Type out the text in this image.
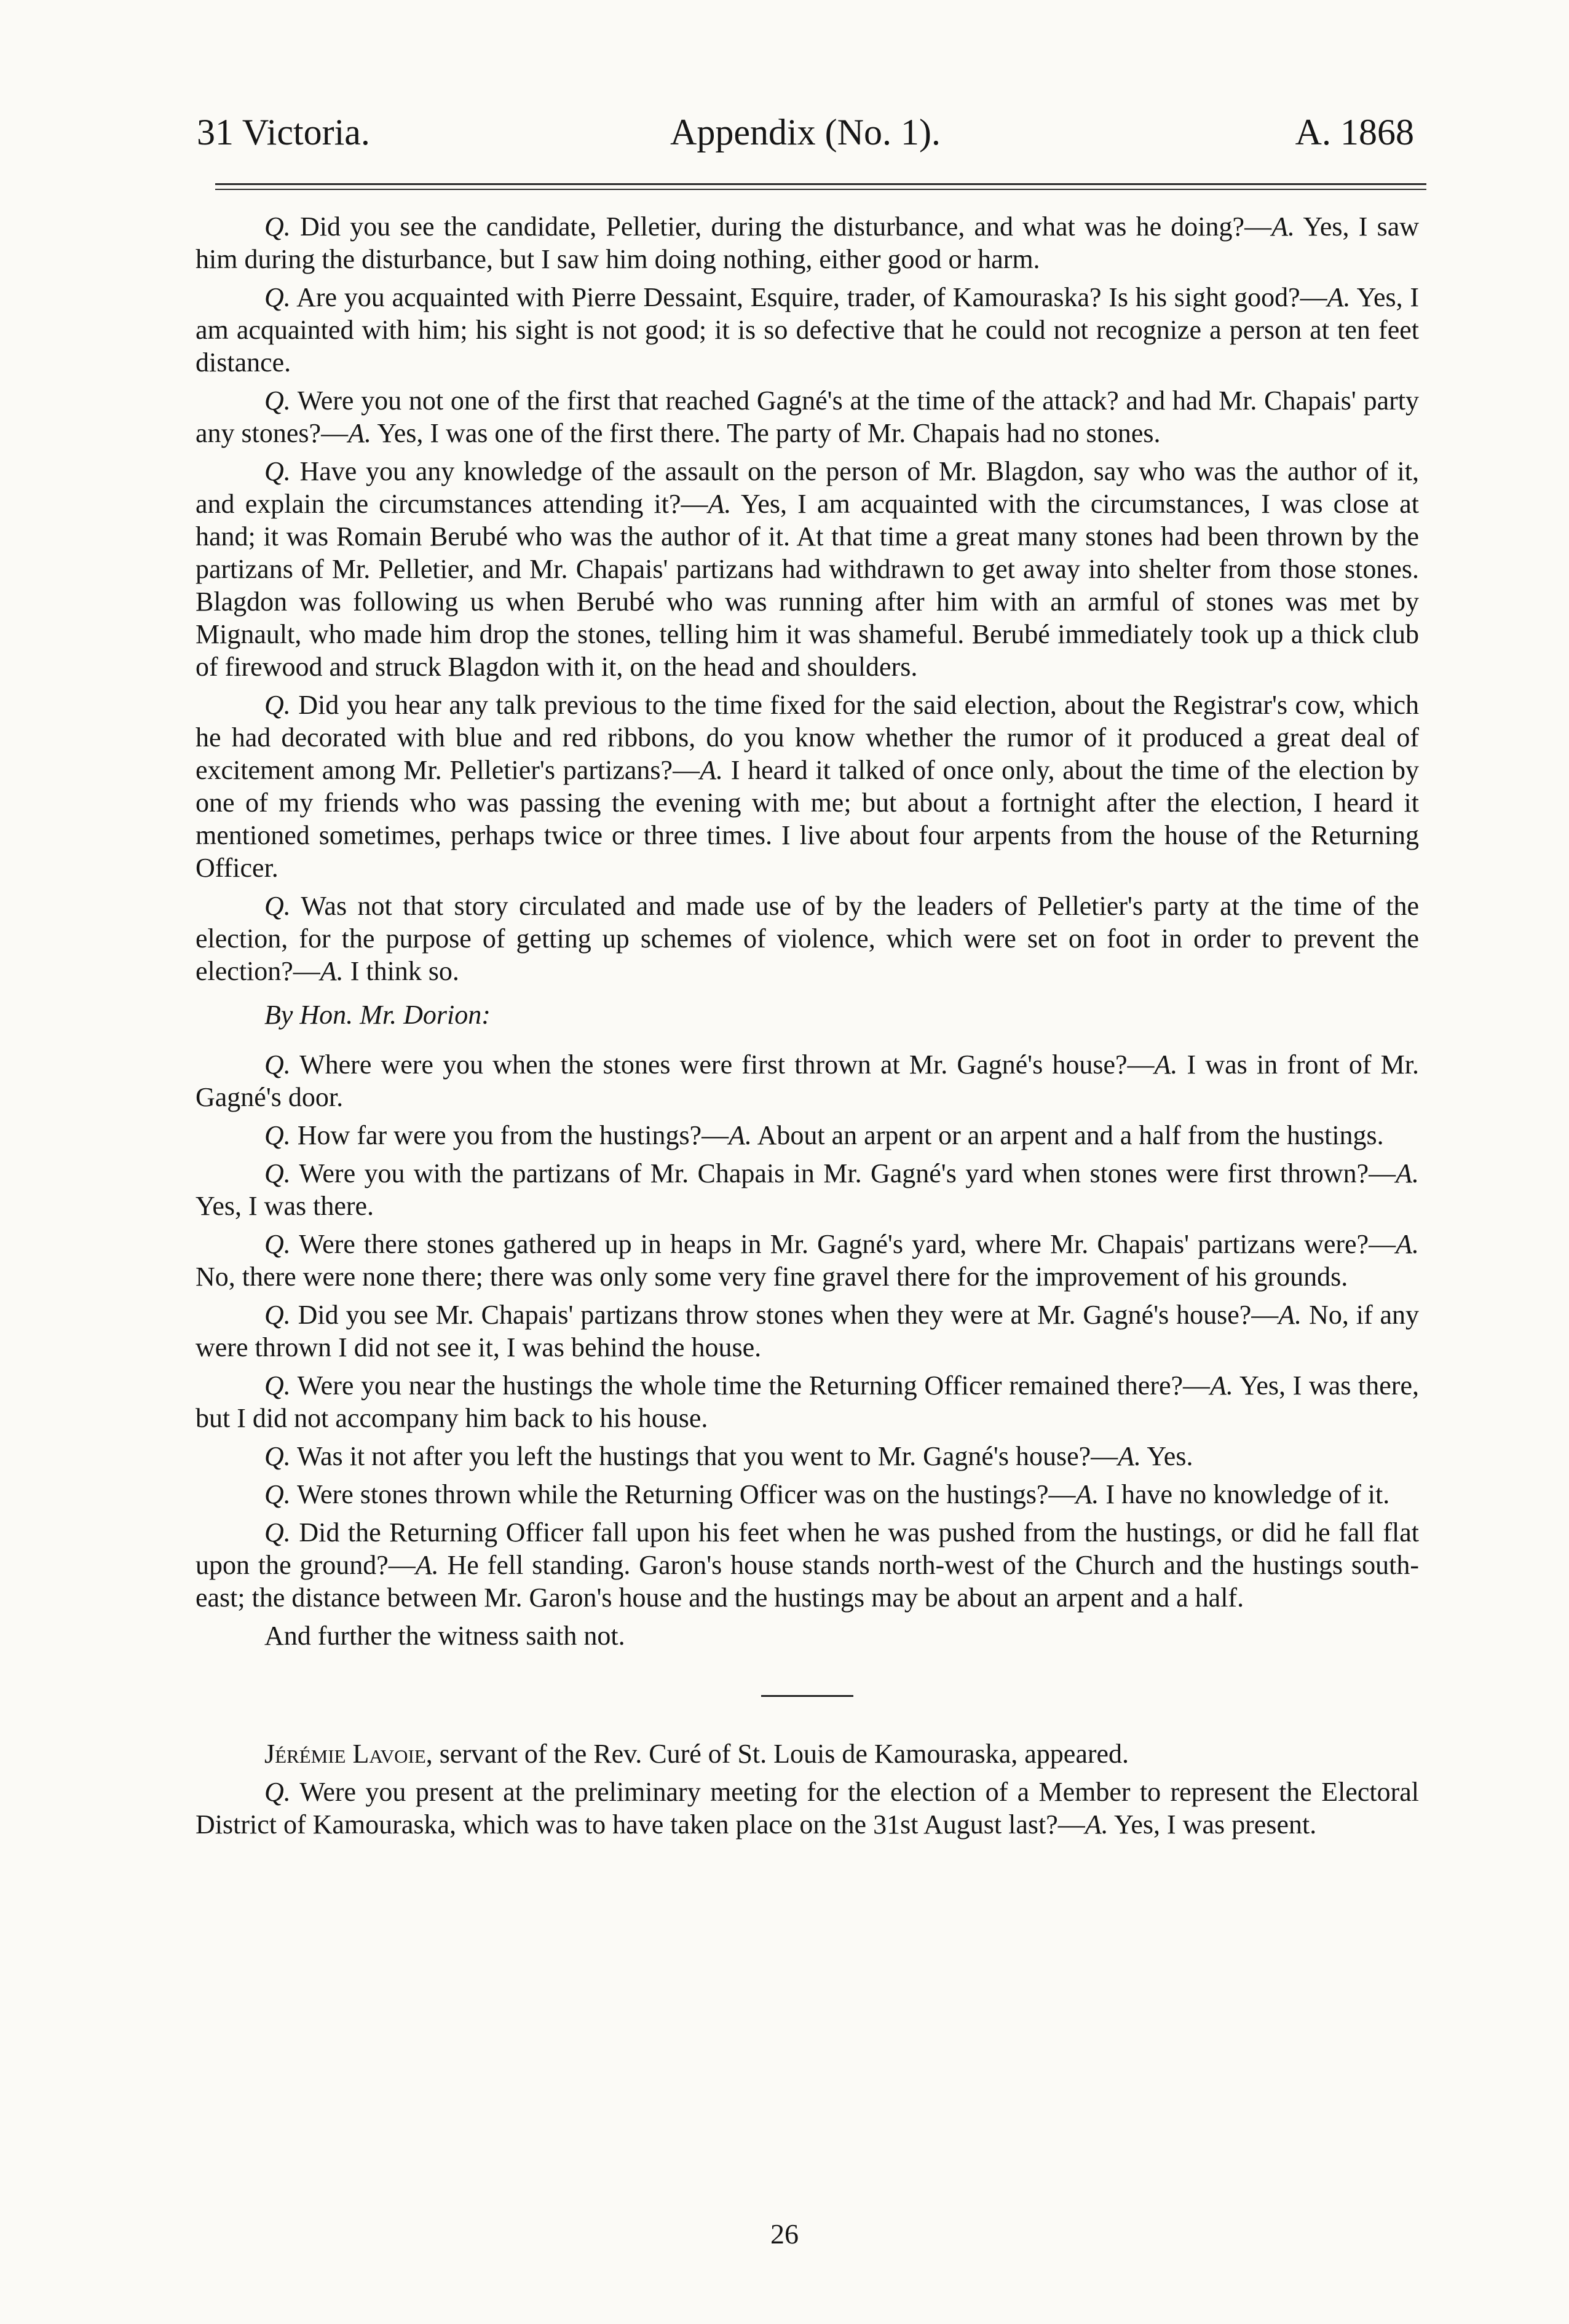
31 Victoria.	Appendix (No. 1).	A. 1868

Q. Did you see the candidate, Pelletier, during the disturbance, and what was he doing?—A. Yes, I saw him during the disturbance, but I saw him doing nothing, either good or harm.

Q. Are you acquainted with Pierre Dessaint, Esquire, trader, of Kamouraska? Is his sight good?—A. Yes, I am acquainted with him; his sight is not good; it is so defective that he could not recognize a person at ten feet distance.

Q. Were you not one of the first that reached Gagné's at the time of the attack? and had Mr. Chapais' party any stones?—A. Yes, I was one of the first there. The party of Mr. Chapais had no stones.

Q. Have you any knowledge of the assault on the person of Mr. Blagdon, say who was the author of it, and explain the circumstances attending it?—A. Yes, I am acquainted with the circumstances, I was close at hand; it was Romain Berubé who was the author of it. At that time a great many stones had been thrown by the partizans of Mr. Pelletier, and Mr. Chapais' partizans had withdrawn to get away into shelter from those stones. Blagdon was following us when Berubé who was running after him with an armful of stones was met by Mignault, who made him drop the stones, telling him it was shameful. Berubé immediately took up a thick club of firewood and struck Blagdon with it, on the head and shoulders.

Q. Did you hear any talk previous to the time fixed for the said election, about the Registrar's cow, which he had decorated with blue and red ribbons, do you know whether the rumor of it produced a great deal of excitement among Mr. Pelletier's partizans?—A. I heard it talked of once only, about the time of the election by one of my friends who was passing the evening with me; but about a fortnight after the election, I heard it mentioned sometimes, perhaps twice or three times. I live about four arpents from the house of the Returning Officer.

Q. Was not that story circulated and made use of by the leaders of Pelletier's party at the time of the election, for the purpose of getting up schemes of violence, which were set on foot in order to prevent the election?—A. I think so.

By Hon. Mr. Dorion:

Q. Where were you when the stones were first thrown at Mr. Gagné's house?—A. I was in front of Mr. Gagné's door.

Q. How far were you from the hustings?—A. About an arpent or an arpent and a half from the hustings.

Q. Were you with the partizans of Mr. Chapais in Mr. Gagné's yard when stones were first thrown?—A. Yes, I was there.

Q. Were there stones gathered up in heaps in Mr. Gagné's yard, where Mr. Chapais' partizans were?—A. No, there were none there; there was only some very fine gravel there for the improvement of his grounds.

Q. Did you see Mr. Chapais' partizans throw stones when they were at Mr. Gagné's house?—A. No, if any were thrown I did not see it, I was behind the house.

Q. Were you near the hustings the whole time the Returning Officer remained there?—A. Yes, I was there, but I did not accompany him back to his house.

Q. Was it not after you left the hustings that you went to Mr. Gagné's house?—A. Yes.

Q. Were stones thrown while the Returning Officer was on the hustings?—A. I have no knowledge of it.

Q. Did the Returning Officer fall upon his feet when he was pushed from the hustings, or did he fall flat upon the ground?—A. He fell standing. Garon's house stands north-west of the Church and the hustings south-east; the distance between Mr. Garon's house and the hustings may be about an arpent and a half.

And further the witness saith not.

Jérémie Lavoie, servant of the Rev. Curé of St. Louis de Kamouraska, appeared.

Q. Were you present at the preliminary meeting for the election of a Member to represent the Electoral District of Kamouraska, which was to have taken place on the 31st August last?—A. Yes, I was present.

26
